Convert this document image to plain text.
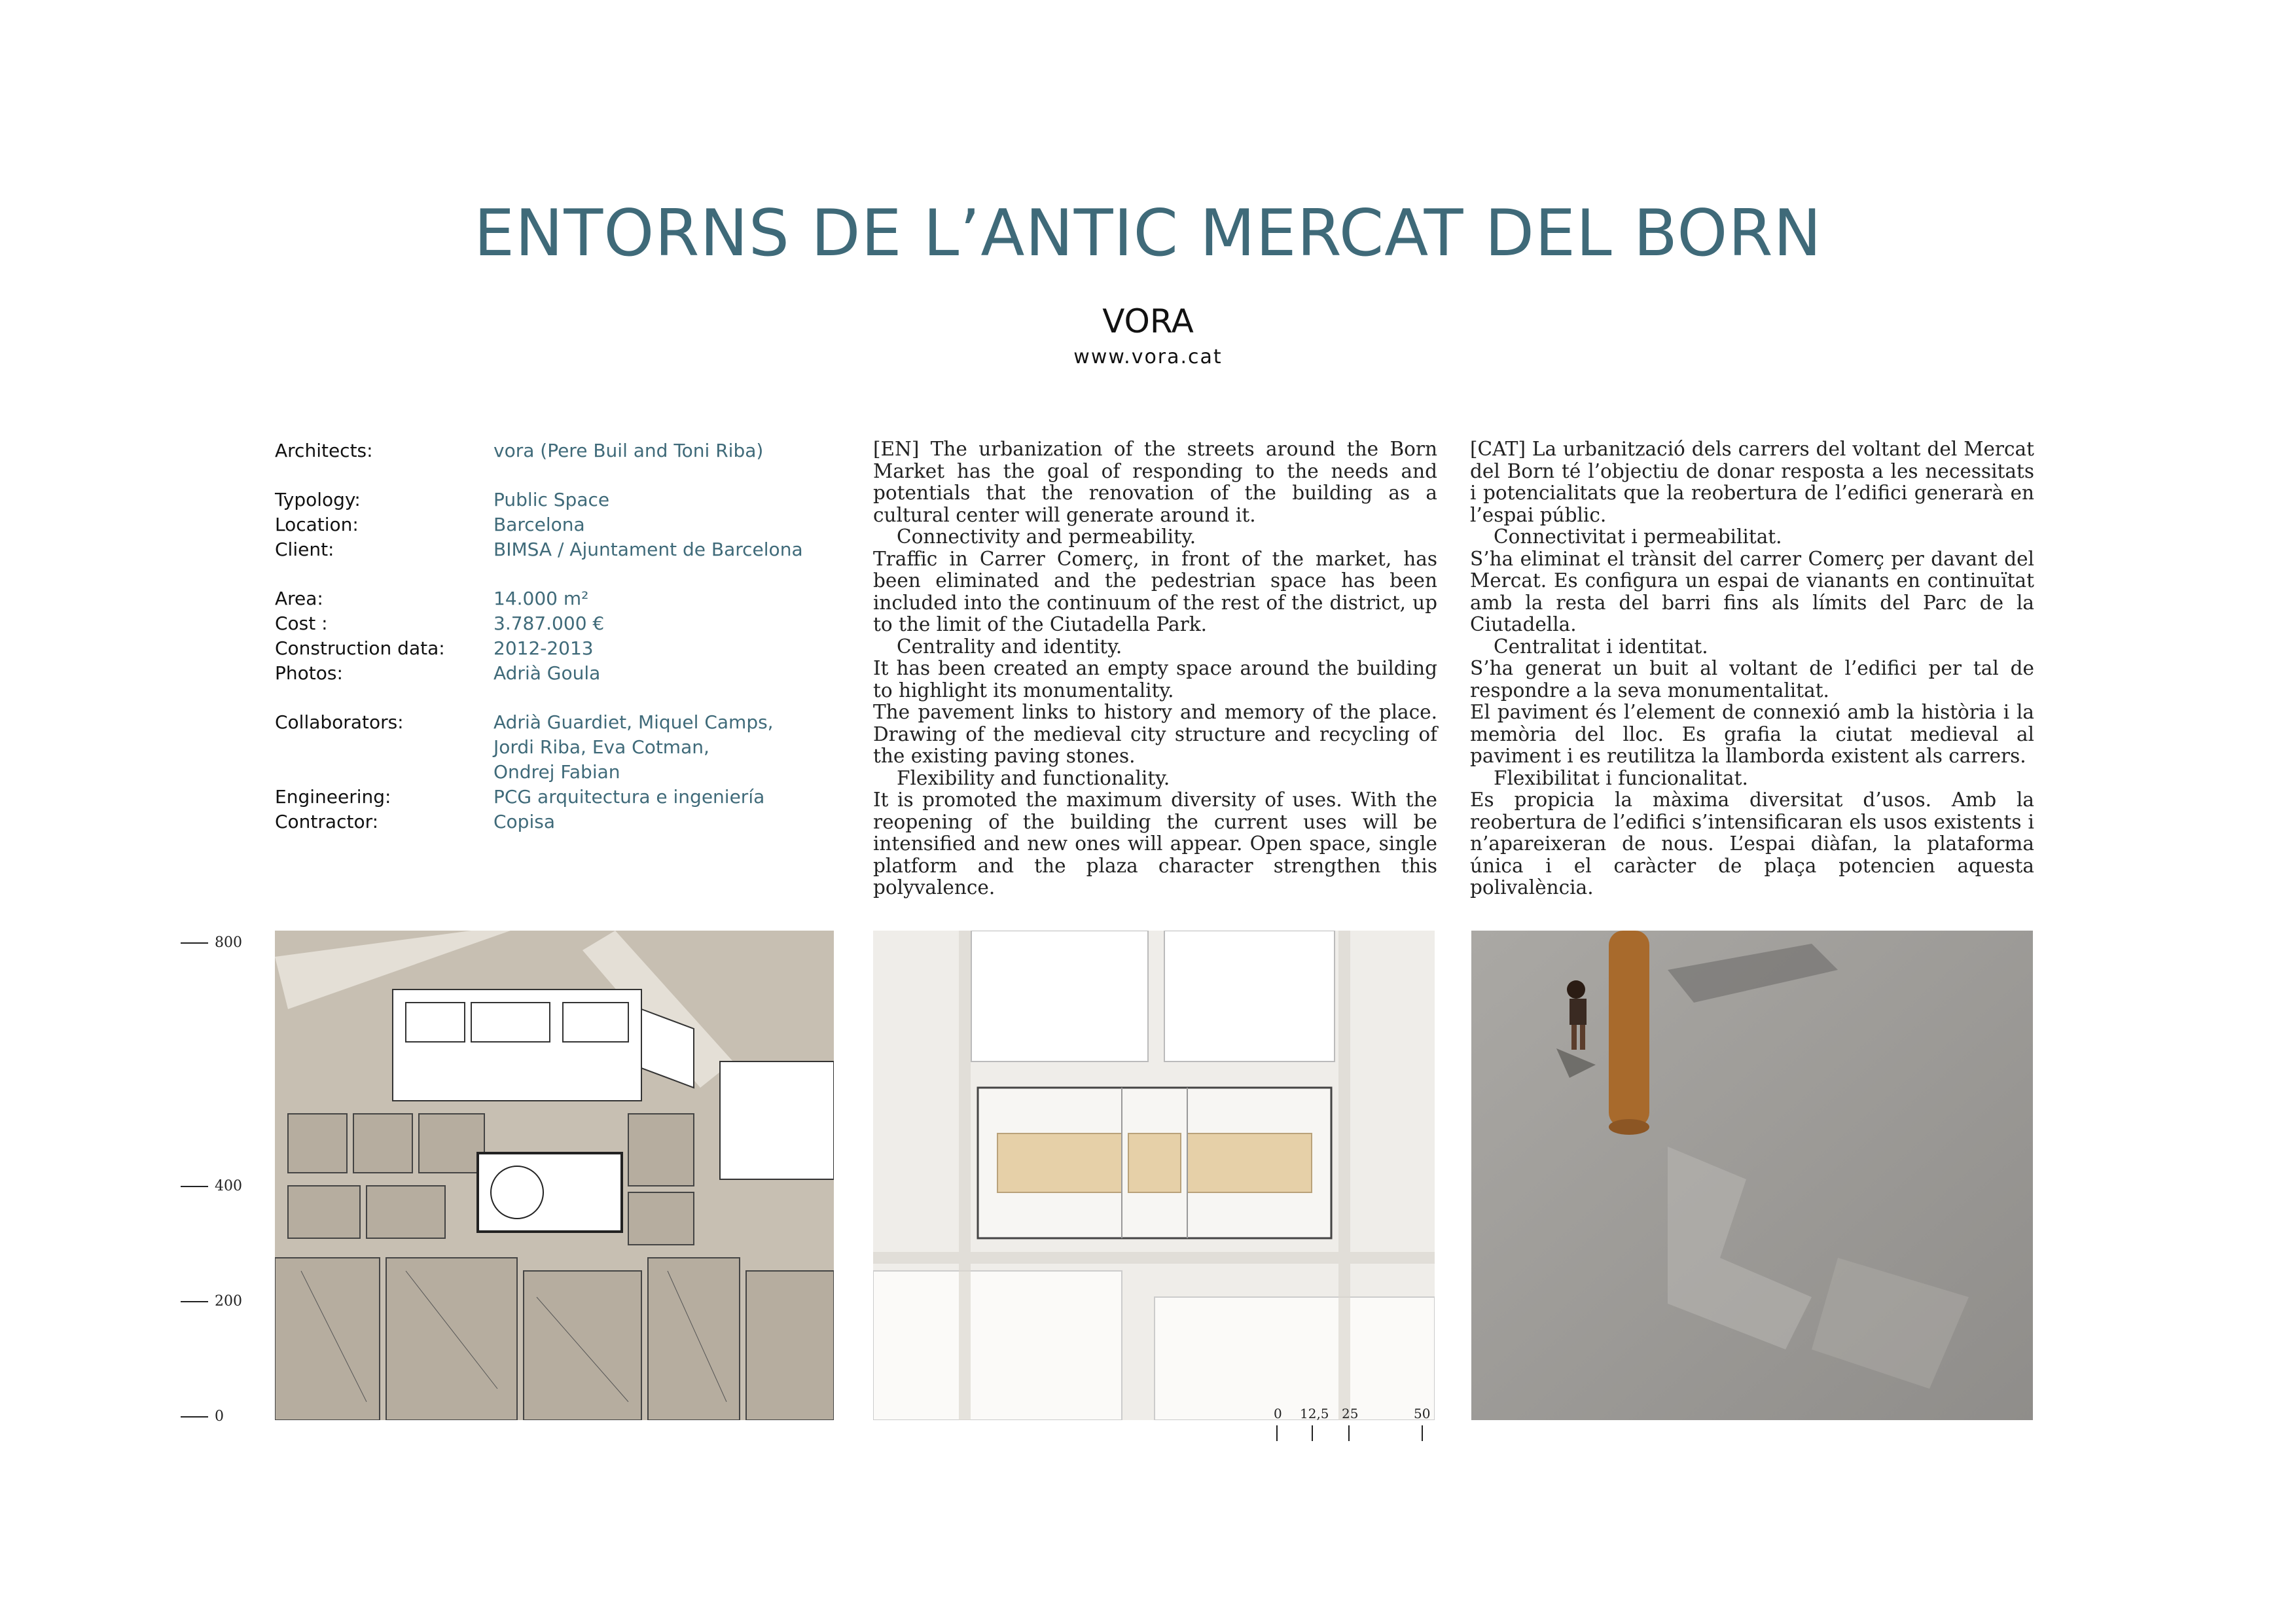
ENTORNS DE L’ANTIC MERCAT DEL BORN
VORA
www.vora.cat
Architects:	vora (Pere Buil and Toni Riba)
Typology:	Public Space
Location:	Barcelona
Client:	BIMSA / Ajuntament de Barcelona
Area:	14.000 m²
Cost :	3.787.000 €
Construction data:	2012-2013
Photos:	Adrià Goula
Collaborators:	Adrià Guardiet, Miquel Camps,
Jordi Riba, Eva Cotman,
Ondrej Fabian
Engineering:	PCG arquitectura e ingeniería
Contractor:	Copisa

[EN] The urbanization of the streets around the Born Market has the goal of responding to the needs and potentials that the renovation of the building as a cultural center will generate around it.

Connectivity and permeability.

Traffic in Carrer Comerç, in front of the market, has been eliminated and the pedestrian space has been included into the continuum of the rest of the district, up to the limit of the Ciutadella Park.

Centrality and identity.

It has been created an empty space around the building to highlight its monumentality.

The pavement links to history and memory of the place. Drawing of the medieval city structure and recycling of the existing paving stones.

Flexibility and functionality.

It is promoted the maximum diversity of uses. With the reopening of the building the current uses will be intensified and new ones will appear. Open space, single platform and the plaza character strengthen this polyvalence.

[CAT] La urbanització dels carrers del voltant del Mercat del Born té l’objectiu de donar resposta a les necessitats i potencialitats que la reobertura de l’edifici generarà en l’espai públic.

Connectivitat i permeabilitat.

S’ha eliminat el trànsit del carrer Comerç per davant del Mercat. Es configura un espai de vianants en continuïtat amb la resta del barri fins als límits del Parc de la Ciutadella.

Centralitat i identitat.

S’ha generat un buit al voltant de l’edifici per tal de respondre a la seva monumentalitat.

El paviment és l’element de connexió amb la història i la memòria del lloc. Es grafia la ciutat medieval al paviment i es reutilitza la llamborda existent als carrers.

Flexibilitat i funcionalitat.

Es propicia la màxima diversitat d’usos. Amb la reobertura de l’edifici s’intensificaran els usos existents i n’apareixeran de nous. L’espai diàfan, la plataforma única i el caràcter de plaça potencien aquesta polivalència.

800
400
200
0	0 12,5 25	50
